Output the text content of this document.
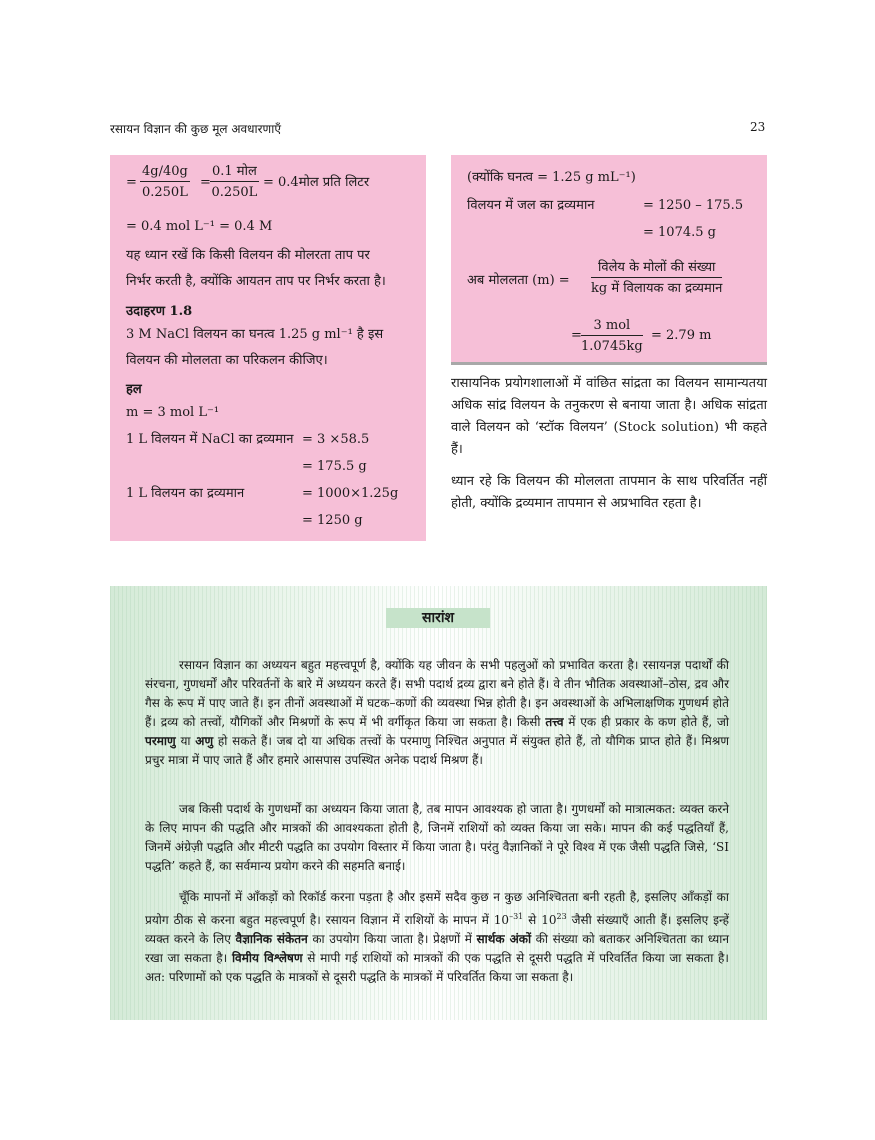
रसायन विज्ञान की कुछ मूल अवधारणाएँ	23
= $\frac{4g/40g}{0.250L}$ =
0.1 मोल
0.250L
= 0.4मोल प्रति लिटर
= 0.4 mol L⁻¹ = 0.4 M
यह ध्यान रखें कि किसी विलयन की मोलरता ताप पर
निर्भर करती है, क्योंकि आयतन ताप पर निर्भर करता है।
उदाहरण 1.8
3 M NaCl विलयन का घनत्व 1.25 g ml⁻¹ है इस
विलयन की मोललता का परिकलन कीजिए।
हल
m = 3 mol L⁻¹
1 L विलयन में NaCl का द्रव्यमान = 3 ×58.5
= 175.5 g
1 L विलयन का द्रव्यमान	= 1000×1.25g
= 1250 g
(क्योंकि घनत्व = 1.25 g mL⁻¹)
विलयन में जल का द्रव्यमान	= 1250 – 175.5
= 1074.5 g
अब मोललता (m) =
विलेय के मोलों की संख्या
kg में विलायक का द्रव्यमान
=
3 mol
1.0745kg
= 2.79 m
रासायनिक प्रयोगशालाओं में वांछित सांद्रता का विलयन सामान्यतया अधिक सांद्र विलयन के तनुकरण से बनाया जाता है। अधिक सांद्रता वाले विलयन को ‘स्टॉक विलयन’ (Stock solution) भी कहते हैं।
ध्यान रहे कि विलयन की मोललता तापमान के साथ परिवर्तित नहीं होती, क्योंकि द्रव्यमान तापमान से अप्रभावित रहता है।
सारांश
रसायन विज्ञान का अध्ययन बहुत महत्त्वपूर्ण है, क्योंकि यह जीवन के सभी पहलुओं को प्रभावित करता है। रसायनज्ञ पदार्थों की संरचना, गुणधर्मों और परिवर्तनों के बारे में अध्ययन करते हैं। सभी पदार्थ द्रव्य द्वारा बने होते हैं। वे तीन भौतिक अवस्थाओं–ठोस, द्रव और गैस के रूप में पाए जाते हैं। इन तीनों अवस्थाओं में घटक–कणों की व्यवस्था भिन्न होती है। इन अवस्थाओं के अभिलाक्षणिक गुणधर्म होते हैं। द्रव्य को तत्त्वों, यौगिकों और मिश्रणों के रूप में भी वर्गीकृत किया जा सकता है। किसी तत्त्व में एक ही प्रकार के कण होते हैं, जो परमाणु या अणु हो सकते हैं। जब दो या अधिक तत्त्वों के परमाणु निश्चित अनुपात में संयुक्त होते हैं, तो यौगिक प्राप्त होते हैं। मिश्रण प्रचुर मात्रा में पाए जाते हैं और हमारे आसपास उपस्थित अनेक पदार्थ मिश्रण हैं।
जब किसी पदार्थ के गुणधर्मों का अध्ययन किया जाता है, तब मापन आवश्यक हो जाता है। गुणधर्मों को मात्रात्मकत: व्यक्त करने के लिए मापन की पद्धति और मात्रकों की आवश्यकता होती है, जिनमें राशियों को व्यक्त किया जा सके। मापन की कई पद्धतियाँ हैं, जिनमें अंग्रेज़ी पद्धति और मीटरी पद्धति का उपयोग विस्तार में किया जाता है। परंतु वैज्ञानिकों ने पूरे विश्व में एक जैसी पद्धति जिसे, ‘SI पद्धति’ कहते हैं, का सर्वमान्य प्रयोग करने की सहमति बनाई।
चूँकि मापनों में आँकड़ों को रिकॉर्ड करना पड़ता है और इसमें सदैव कुछ न कुछ अनिश्चितता बनी रहती है, इसलिए आँकड़ों का प्रयोग ठीक से करना बहुत महत्त्वपूर्ण है। रसायन विज्ञान में राशियों के मापन में $10^{-31}$ से $10^{23}$ जैसी संख्याएँ आती हैं। इसलिए इन्हें व्यक्त करने के लिए वैज्ञानिक संकेतन का उपयोग किया जाता है। प्रेक्षणों में सार्थक अंकों की संख्या को बताकर अनिश्चितता का ध्यान रखा जा सकता है। विमीय विश्लेषण से मापी गई राशियों को मात्रकों की एक पद्धति से दूसरी पद्धति में परिवर्तित किया जा सकता है। अत: परिणामों को एक पद्धति के मात्रकों से दूसरी पद्धति के मात्रकों में परिवर्तित किया जा सकता है।
